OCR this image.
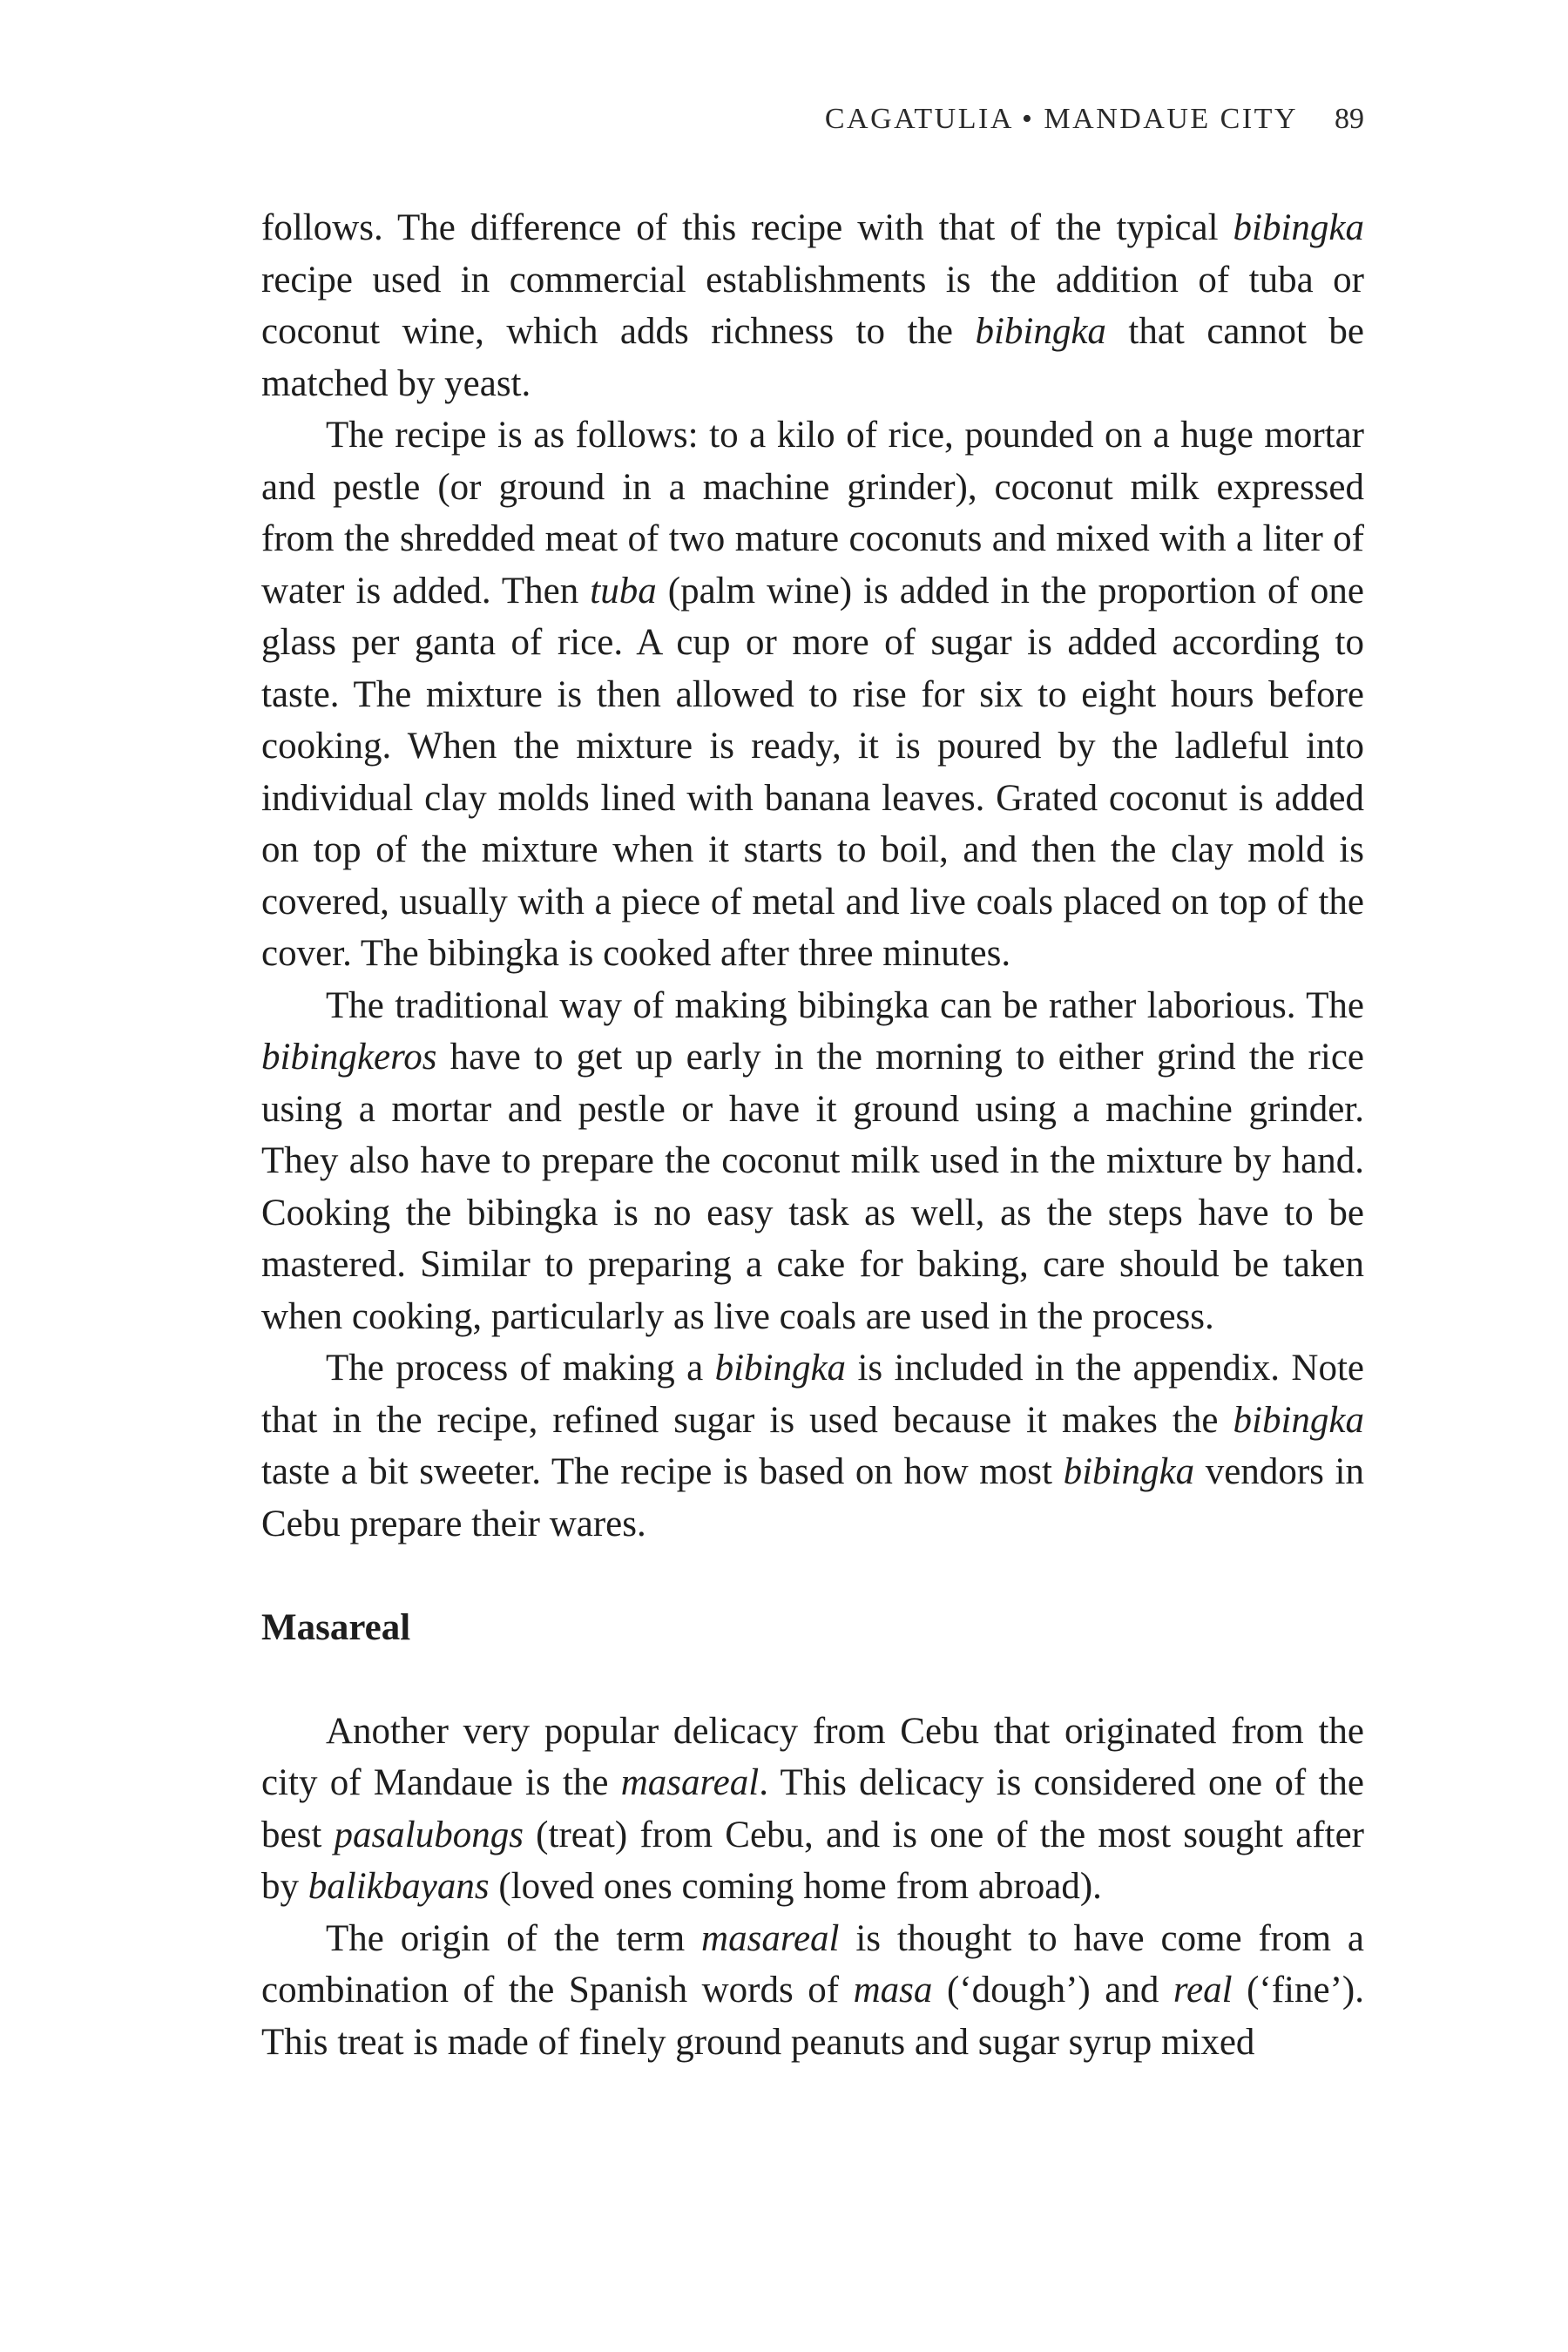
CAGATULIA • MANDAUE CITY 89

follows. The difference of this recipe with that of the typical bibingka recipe used in commercial establishments is the addition of tuba or coconut wine, which adds richness to the bibingka that cannot be matched by yeast.

The recipe is as follows: to a kilo of rice, pounded on a huge mortar and pestle (or ground in a machine grinder), coconut milk expressed from the shredded meat of two mature coconuts and mixed with a liter of water is added. Then tuba (palm wine) is added in the proportion of one glass per ganta of rice. A cup or more of sugar is added according to taste. The mixture is then allowed to rise for six to eight hours before cooking. When the mixture is ready, it is poured by the ladleful into individual clay molds lined with banana leaves. Grated coconut is added on top of the mixture when it starts to boil, and then the clay mold is covered, usually with a piece of metal and live coals placed on top of the cover. The bibingka is cooked after three minutes.

The traditional way of making bibingka can be rather laborious. The bibingkeros have to get up early in the morning to either grind the rice using a mortar and pestle or have it ground using a machine grinder. They also have to prepare the coconut milk used in the mixture by hand. Cooking the bibingka is no easy task as well, as the steps have to be mastered. Similar to preparing a cake for baking, care should be taken when cooking, particularly as live coals are used in the process.

The process of making a bibingka is included in the appendix. Note that in the recipe, refined sugar is used because it makes the bibingka taste a bit sweeter. The recipe is based on how most bibingka vendors in Cebu prepare their wares.

Masareal

Another very popular delicacy from Cebu that originated from the city of Mandaue is the masareal. This delicacy is considered one of the best pasalubongs (treat) from Cebu, and is one of the most sought after by balikbayans (loved ones coming home from abroad).

The origin of the term masareal is thought to have come from a combination of the Spanish words of masa (‘dough’) and real (‘fine’). This treat is made of finely ground peanuts and sugar syrup mixed
